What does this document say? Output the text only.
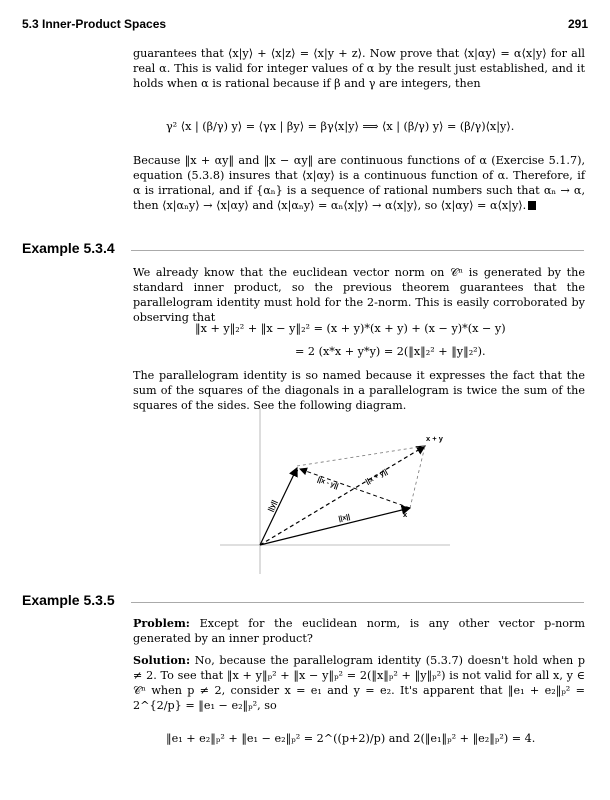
5.3 Inner-Product Spaces	291
guarantees that ⟨x|y⟩ + ⟨x|z⟩ = ⟨x|y + z⟩. Now prove that ⟨x|αy⟩ = α⟨x|y⟩ for all real α. This is valid for integer values of α by the result just established, and it holds when α is rational because if β and γ are integers, then
γ² ⟨x | (β/γ) y⟩ = ⟨γx | βy⟩ = βγ⟨x|y⟩ ⟹ ⟨x | (β/γ) y⟩ = (β/γ)⟨x|y⟩.
Because ‖x + αy‖ and ‖x − αy‖ are continuous functions of α (Exercise 5.1.7), equation (5.3.8) insures that ⟨x|αy⟩ is a continuous function of α. Therefore, if α is irrational, and if {αₙ} is a sequence of rational numbers such that αₙ → α, then ⟨x|αₙy⟩ → ⟨x|αy⟩ and ⟨x|αₙy⟩ = αₙ⟨x|y⟩ → α⟨x|y⟩, so ⟨x|αy⟩ = α⟨x|y⟩.
Example 5.3.4
We already know that the euclidean vector norm on 𝒞ⁿ is generated by the standard inner product, so the previous theorem guarantees that the parallelogram identity must hold for the 2-norm. This is easily corroborated by observing that
‖x + y‖₂² + ‖x − y‖₂² = (x + y)*(x + y) + (x − y)*(x − y)
= 2 (x*x + y*y) = 2(‖x‖₂² + ‖y‖₂²).
The parallelogram identity is so named because it expresses the fact that the sum of the squares of the diagonals in a parallelogram is twice the sum of the squares of the sides. See the following diagram.
x + y
y
x
||x + y||
||x - y||
||y||
||x||
Example 5.3.5
Problem: Except for the euclidean norm, is any other vector p-norm generated by an inner product?
Solution: No, because the parallelogram identity (5.3.7) doesn't hold when p ≠ 2. To see that ‖x + y‖ₚ² + ‖x − y‖ₚ² = 2(‖x‖ₚ² + ‖y‖ₚ²) is not valid for all x, y ∈ 𝒞ⁿ when p ≠ 2, consider x = e₁ and y = e₂. It's apparent that ‖e₁ + e₂‖ₚ² = 2^{2/p} = ‖e₁ − e₂‖ₚ², so
‖e₁ + e₂‖ₚ² + ‖e₁ − e₂‖ₚ² = 2^((p+2)/p) and 2(‖e₁‖ₚ² + ‖e₂‖ₚ²) = 4.
